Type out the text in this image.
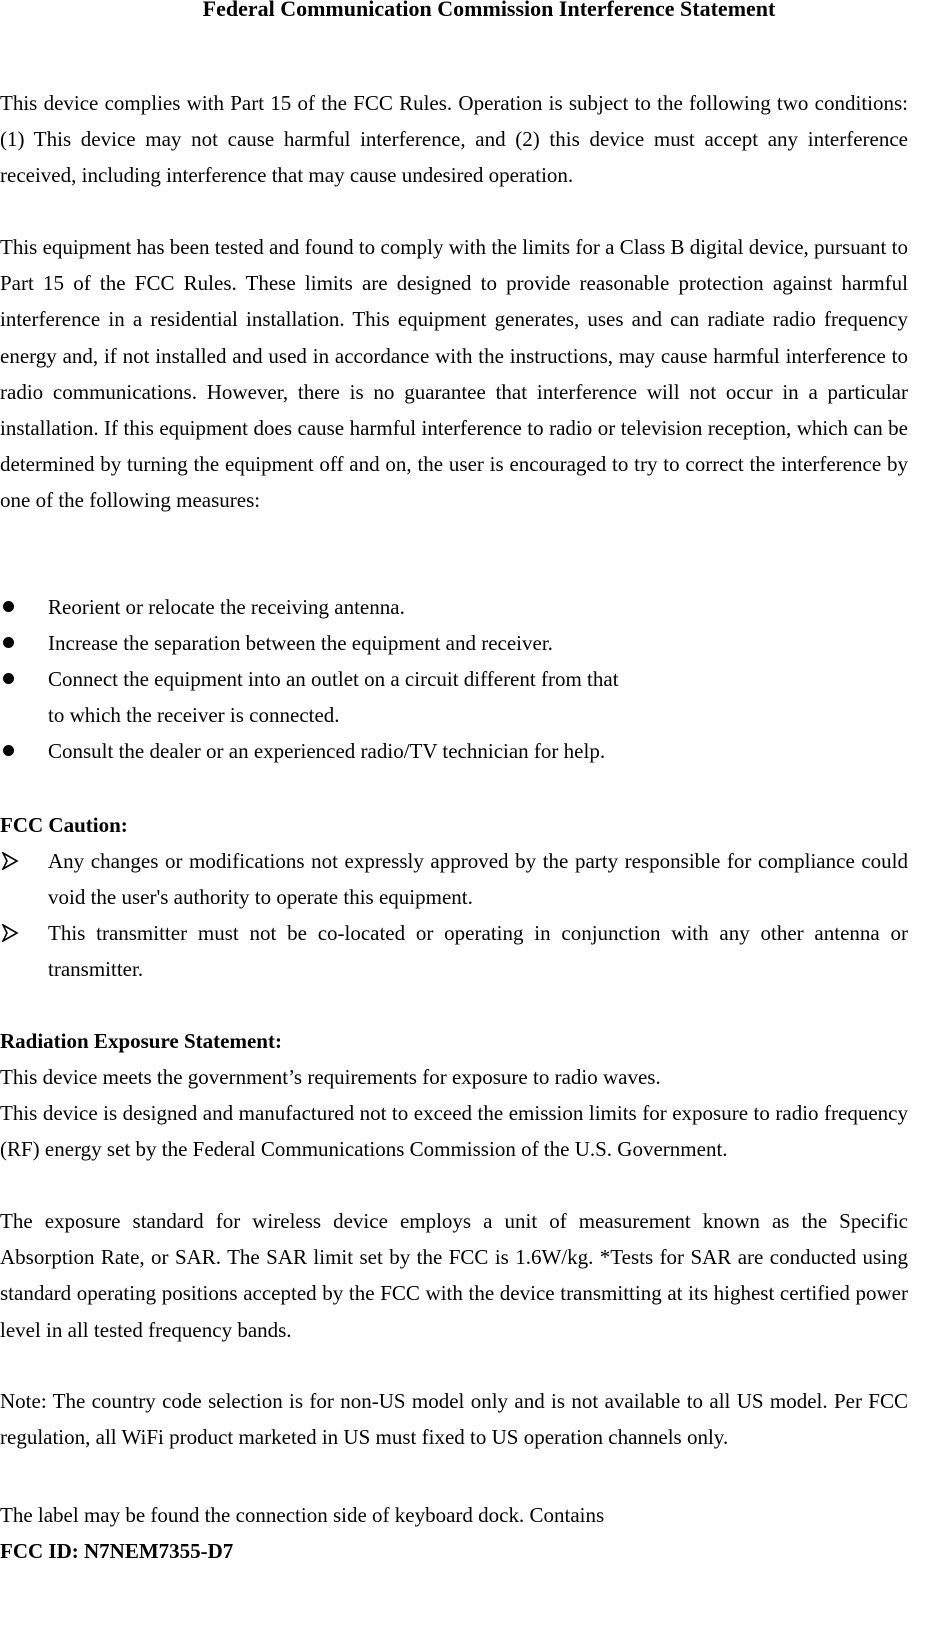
Federal Communication Commission Interference Statement
This device complies with Part 15 of the FCC Rules. Operation is subject to the following two conditions: (1) This device may not cause harmful interference, and (2) this device must accept any interference received, including interference that may cause undesired operation.
This equipment has been tested and found to comply with the limits for a Class B digital device, pursuant to Part 15 of the FCC Rules. These limits are designed to provide reasonable protection against harmful interference in a residential installation. This equipment generates, uses and can radiate radio frequency energy and, if not installed and used in accordance with the instructions, may cause harmful interference to radio communications. However, there is no guarantee that interference will not occur in a particular installation. If this equipment does cause harmful interference to radio or television reception, which can be determined by turning the equipment off and on, the user is encouraged to try to correct the interference by one of the following measures:
Reorient or relocate the receiving antenna.
Increase the separation between the equipment and receiver.
Connect the equipment into an outlet on a circuit different from that
to which the receiver is connected.
Consult the dealer or an experienced radio/TV technician for help.
FCC Caution:
Any changes or modifications not expressly approved by the party responsible for compliance could void the user's authority to operate this equipment.
This transmitter must not be co-located or operating in conjunction with any other antenna or transmitter.
Radiation Exposure Statement:
This device meets the government’s requirements for exposure to radio waves.
This device is designed and manufactured not to exceed the emission limits for exposure to radio frequency (RF) energy set by the Federal Communications Commission of the U.S. Government.
The exposure standard for wireless device employs a unit of measurement known as the Specific Absorption Rate, or SAR. The SAR limit set by the FCC is 1.6W/kg. *Tests for SAR are conducted using standard operating positions accepted by the FCC with the device transmitting at its highest certified power level in all tested frequency bands.
Note: The country code selection is for non-US model only and is not available to all US model. Per FCC regulation, all WiFi product marketed in US must fixed to US operation channels only.
The label may be found the connection side of keyboard dock. Contains
FCC ID: N7NEM7355-D7
